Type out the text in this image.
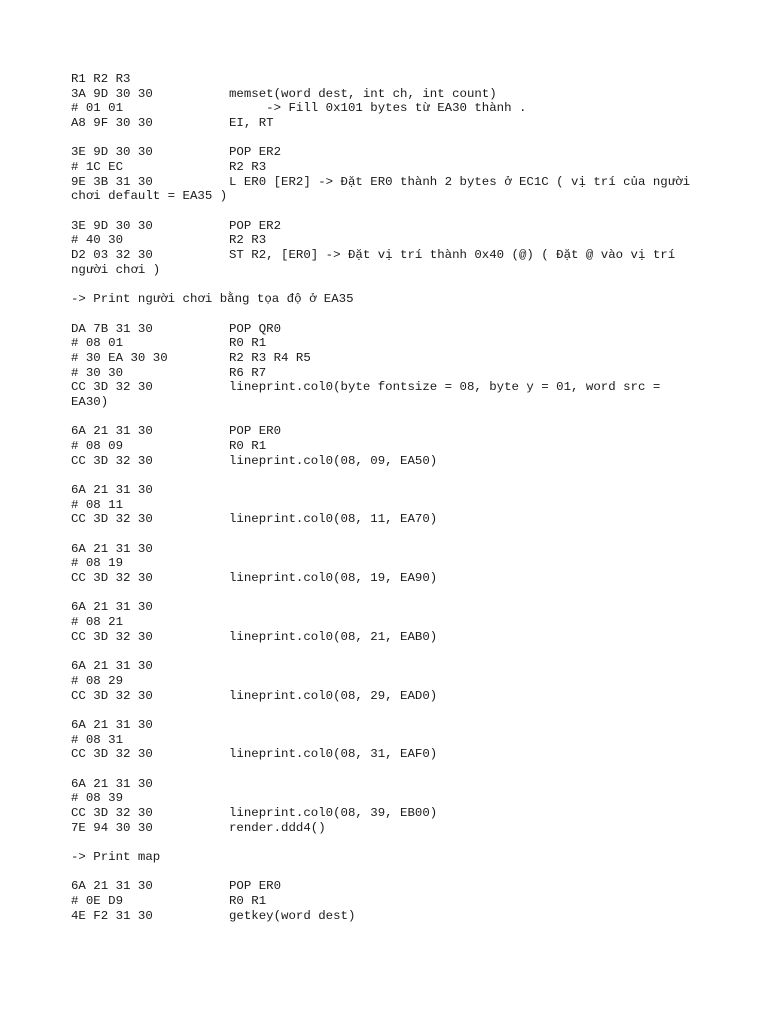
R1 R2 R3
3A 9D 30 30	memset(word dest, int ch, int count)
# 01 01	-> Fill 0x101 bytes từ EA30 thành .
A8 9F 30 30	EI, RT
3E 9D 30 30	POP ER2
# 1C EC	R2 R3
9E 3B 31 30	L ER0 [ER2] -> Đặt ER0 thành 2 bytes ở EC1C ( vị trí của người
chơi default = EA35 )
3E 9D 30 30	POP ER2
# 40 30	R2 R3
D2 03 32 30	ST R2, [ER0] -> Đặt vị trí thành 0x40 (@) ( Đặt @ vào vị trí
người chơi )
-> Print người chơi bằng tọa độ ở EA35
DA 7B 31 30	POP QR0
# 08 01	R0 R1
# 30 EA 30 30	R2 R3 R4 R5
# 30 30	R6 R7
CC 3D 32 30	lineprint.col0(byte fontsize = 08, byte y = 01, word src =
EA30)
6A 21 31 30	POP ER0
# 08 09	R0 R1
CC 3D 32 30	lineprint.col0(08, 09, EA50)
6A 21 31 30
# 08 11
CC 3D 32 30	lineprint.col0(08, 11, EA70)
6A 21 31 30
# 08 19
CC 3D 32 30	lineprint.col0(08, 19, EA90)
6A 21 31 30
# 08 21
CC 3D 32 30	lineprint.col0(08, 21, EAB0)
6A 21 31 30
# 08 29
CC 3D 32 30	lineprint.col0(08, 29, EAD0)
6A 21 31 30
# 08 31
CC 3D 32 30	lineprint.col0(08, 31, EAF0)
6A 21 31 30
# 08 39
CC 3D 32 30	lineprint.col0(08, 39, EB00)
7E 94 30 30	render.ddd4()
-> Print map
6A 21 31 30	POP ER0
# 0E D9	R0 R1
4E F2 31 30	getkey(word dest)
